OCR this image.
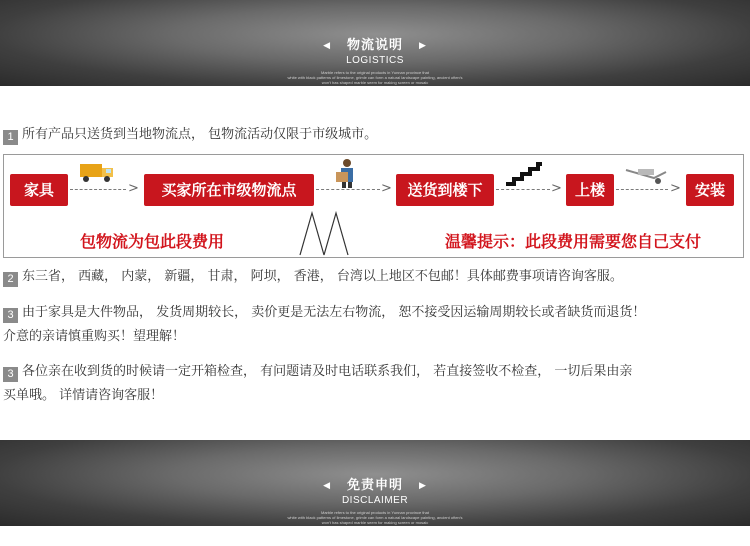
◀ 物流说明 ▶
LOGISTICS
Marble refers to the original products in Yunnan province that
white with black patterns of limestone, grimle can form a natural landscape painting, ancient often's
won't has shaped marble seem for making screen or mosaic
1 所有产品只送货到当地物流点， 包物流活动仅限于市级城市。
家具	>	买家所在市级物流点	>	送货到楼下	> 上楼	> 安装
包物流为包此段费用	温馨提示：此段费用需要您自己支付
2 东三省， 西藏， 内蒙， 新疆， 甘肃， 阿坝， 香港， 台湾以上地区不包邮！具体邮费事项请咨询客服。
3 由于家具是大件物品， 发货周期较长， 卖价更是无法左右物流， 恕不接受因运输周期较长或者缺货而退货！
介意的亲请慎重购买！望理解！
3 各位亲在收到货的时候请一定开箱检查， 有问题请及时电话联系我们， 若直接签收不检查， 一切后果由亲
买单哦。 详情请咨询客服！
◀ 免责申明 ▶
DISCLAIMER
Marble refers to the original products in Yunnan province that
white with black patterns of limestone, grimle can form a natural landscape painting, ancient often's
won't has shaped marble seem for making screen or mosaic
